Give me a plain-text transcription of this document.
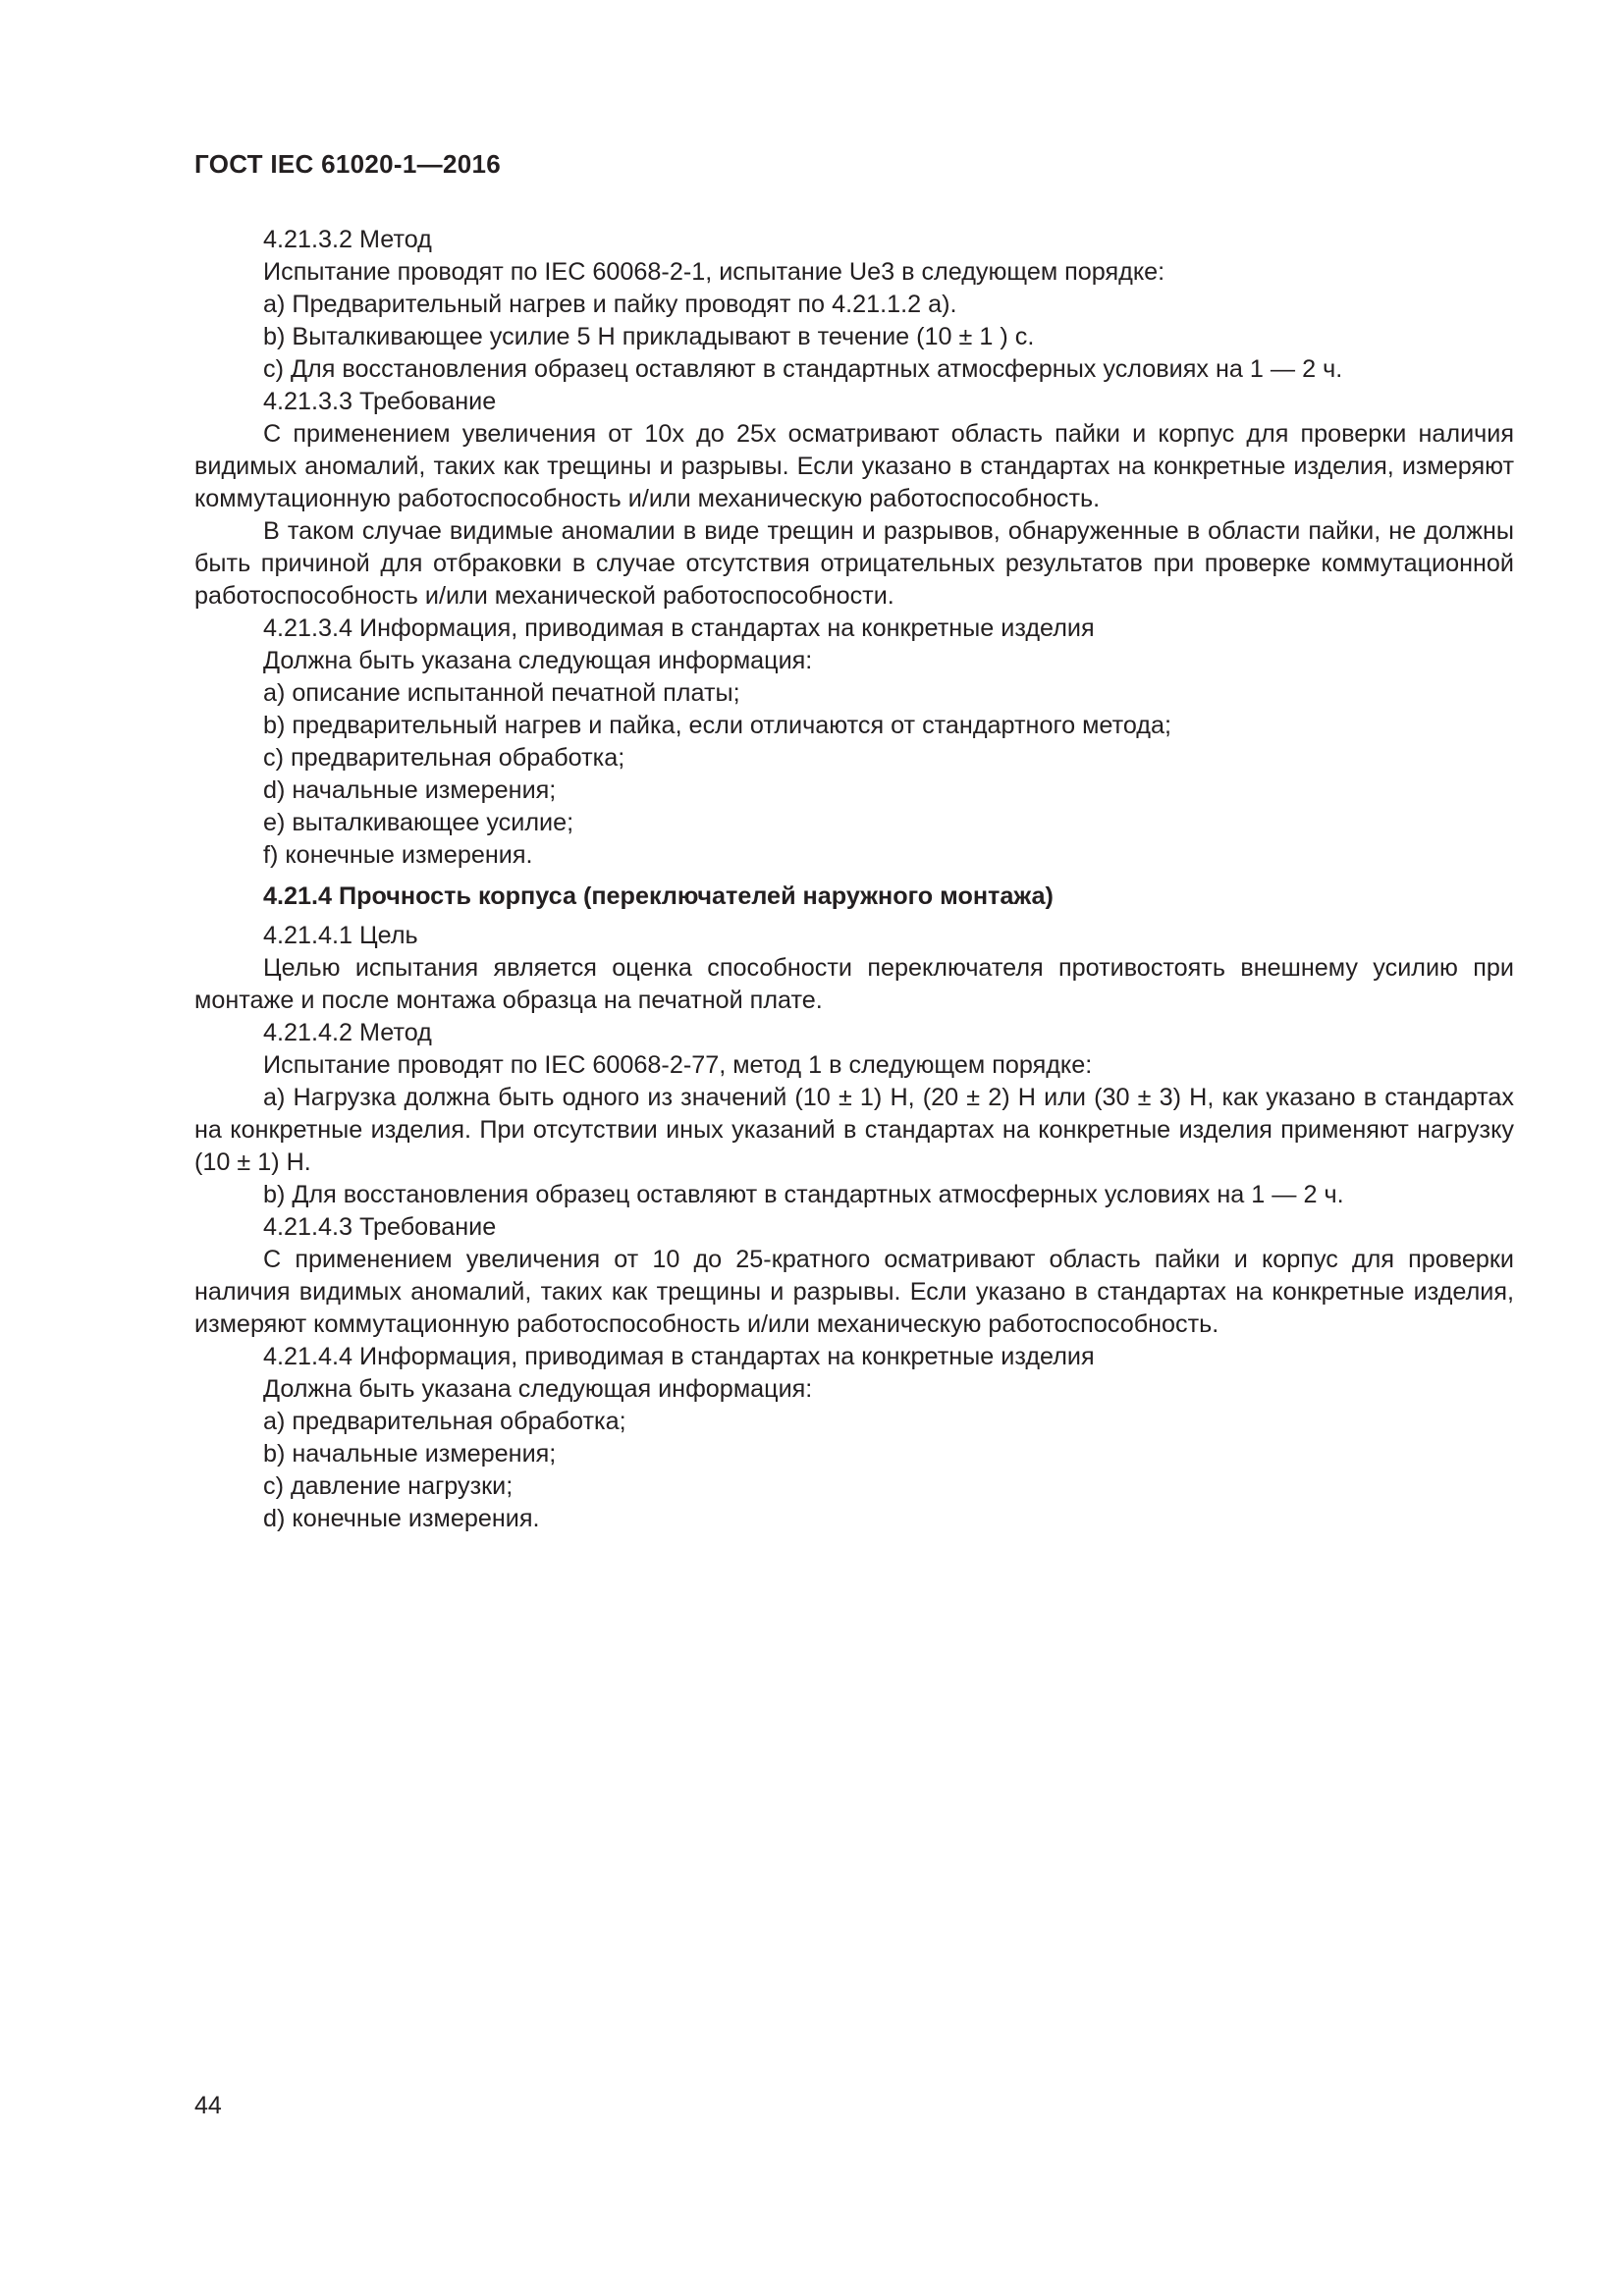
ГОСТ IEC 61020-1—2016

4.21.3.2 Метод

Испытание проводят по IEC 60068-2-1, испытание Ue3 в следующем порядке:

a) Предварительный нагрев и пайку проводят по 4.21.1.2 a).

b) Выталкивающее усилие 5 Н прикладывают в течение (10 ± 1 ) с.

c) Для восстановления образец оставляют в стандартных атмосферных условиях на 1 — 2 ч.

4.21.3.3 Требование

С применением увеличения от 10х до 25х осматривают область пайки и корпус для проверки наличия видимых аномалий, таких как трещины и разрывы. Если указано в стандартах на конкретные изделия, измеряют коммутационную работоспособность и/или механическую работоспособность.

В таком случае видимые аномалии в виде трещин и разрывов, обнаруженные в области пайки, не должны быть причиной для отбраковки в случае отсутствия отрицательных результатов при проверке коммутационной работоспособность и/или механической работоспособности.

4.21.3.4 Информация, приводимая в стандартах на конкретные изделия

Должна быть указана следующая информация:

a) описание испытанной печатной платы;

b) предварительный нагрев и пайка, если отличаются от стандартного метода;

c) предварительная обработка;

d) начальные измерения;

e) выталкивающее усилие;

f) конечные измерения.

4.21.4 Прочность корпуса (переключателей наружного монтажа)

4.21.4.1 Цель

Целью испытания является оценка способности переключателя противостоять внешнему усилию при монтаже и после монтажа образца на печатной плате.

4.21.4.2 Метод

Испытание проводят по IEC 60068-2-77, метод 1 в следующем порядке:

a) Нагрузка должна быть одного из значений (10 ± 1) Н, (20 ± 2) Н или (30 ± 3) Н, как указано в стандартах на конкретные изделия. При отсутствии иных указаний в стандартах на конкретные изделия применяют нагрузку (10 ± 1) Н.

b) Для восстановления образец оставляют в стандартных атмосферных условиях на 1 — 2 ч.

4.21.4.3 Требование

С применением увеличения от 10 до 25-кратного осматривают область пайки и корпус для проверки наличия видимых аномалий, таких как трещины и разрывы. Если указано в стандартах на конкретные изделия, измеряют коммутационную работоспособность и/или механическую работоспособность.

4.21.4.4 Информация, приводимая в стандартах на конкретные изделия

Должна быть указана следующая информация:

a) предварительная обработка;

b) начальные измерения;

c) давление нагрузки;

d) конечные измерения.

44
